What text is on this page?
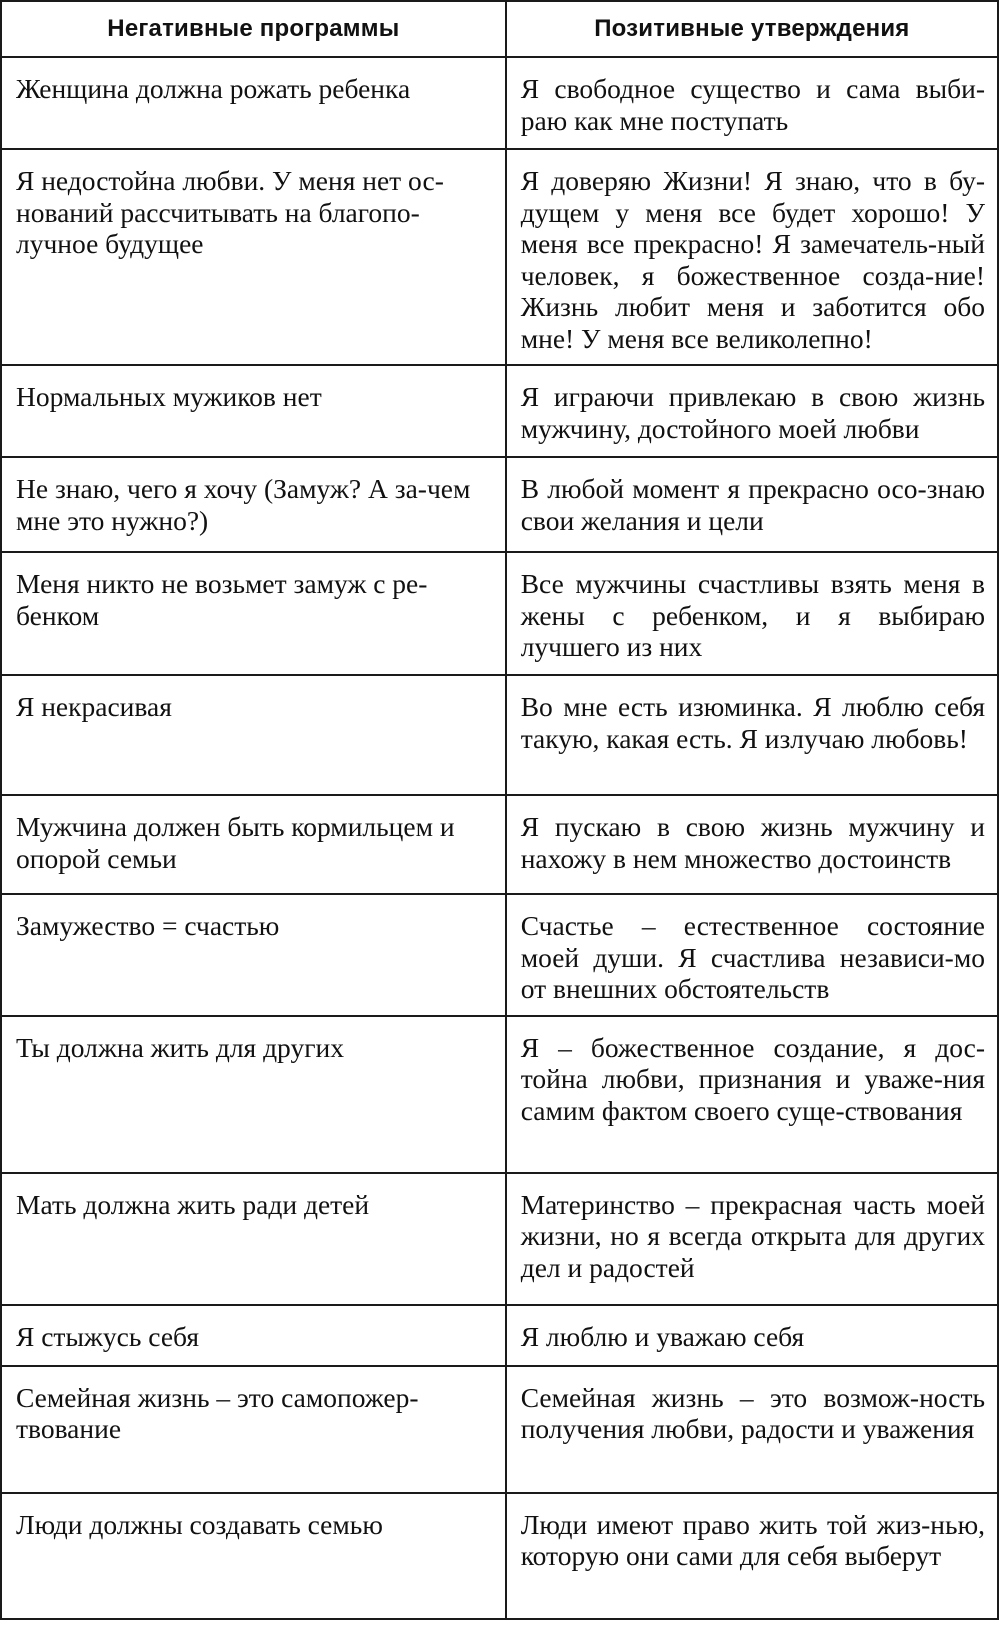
Негативные программы	Позитивные утверждения
Женщина должна рожать ребенка	Я свободное существо и сама выби-рaю как мне поступать
Я недостойна любви. У меня нет ос-нований рассчитывать на благопо-лучное будущее	Я доверяю Жизни! Я знаю, что в бу-дущем у меня все будет хорошо! У меня все прекрасно! Я замечатель-ный человек, я божественное созда-ние! Жизнь любит меня и заботится обо мне! У меня все великолепно!
Нормальных мужиков нет	Я играючи привлекаю в свою жизнь мужчину, достойного моей любви
Не знаю, чего я хочу (Замуж? А за-чем мне это нужно?)	В любой момент я прекрасно осо-знаю свои желания и цели
Меня никто не возьмет замуж с ре-бенком	Все мужчины счастливы взять меня в жены с ребенком, и я выбираю лучшего из них
Я некрасивая	Во мне есть изюминка. Я люблю себя такую, какая есть. Я излучаю любовь!
Мужчина должен быть кормильцем и опорой семьи	Я пускаю в свою жизнь мужчину и нахожу в нем множество достоинств
Замужество = счастью	Счастье – естественное состояние моей души. Я счастлива независи-мо от внешних обстоятельств
Ты должна жить для других	Я – божественное создание, я дос-тойна любви, признания и уваже-ния самим фактом своего суще-ствования
Мать должна жить ради детей	Материнство – прекрасная часть моей жизни, но я всегда открыта для других дел и радостей
Я стыжусь себя	Я люблю и уважаю себя
Семейная жизнь – это самопожер-твование	Семейная жизнь – это возмож-ность получения любви, радости и уважения
Люди должны создавать семью	Люди имеют право жить той жиз-нью, которую они сами для себя выберут
